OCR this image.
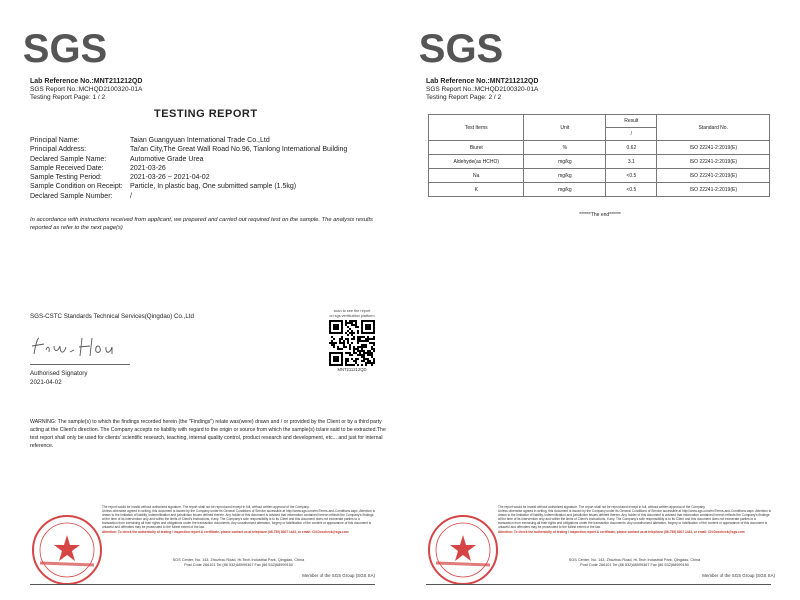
SGS
Lab Reference No.:MNT211212QD
SGS Report No.:MCHQD2100320-01A
Testing Report Page: 1 / 2
TESTING REPORT
Principal Name:	Taian Guangyuan International Trade Co.,Ltd
Principal Address:	Tai'an City,The Great Wall Road No.96, Tianlong International Building
Declared Sample Name:	Automotive Grade Urea
Sample Received Date:	2021-03-26
Sample Testing Period:	2021-03-26 ~ 2021-04-02
Sample Condition on Receipt:	Particle, In plastic bag, One submitted sample (1.5kg)
Declared Sample Number:	/
In accordance with instructions received from applicant, we prepared and carried out required test on the sample. The analysis results reported as refer to the next page(s)
SGS-CSTC Standards Technical Services(Qingdao) Co.,Ltd
Authorised Signatory
2021-04-02
scan to see the report
on sgs verification platform
MNT211212QD
WARNING: The sample(s) to which the findings recorded herein (the "Findings") relate was(were) drawn and / or provided by the Client or by a third party acting at the Client's direction. The Company accepts no liability with regard to the origin or source from which the sample(s) is/are said to be extracted.The test report shall only be used for clients' scientific research, teaching, internal quality control, product research and development, etc... and just for internal reference.
The report would be invalid without authorized signature. The report shall not be reproduced except in full, without written approval of the Company.
Unless otherwise agreed in writing, this document is issued by the Company under its General Conditions of Service accessible at http://www.sgs.com/en/Terms-and-Conditions.aspx. Attention is drawn to the limitation of liability, indemnification and jurisdiction issues defined therein. Any holder of this document is advised that information contained hereon reflects the Company's findings at the time of its intervention only and within the limits of Client's instructions, if any. The Company's sole responsibility is to its Client and this document does not exonerate parties to a transaction from exercising all their rights and obligations under the transaction documents. Any unauthorized alteration, forgery or falsification of the content or appearance of this document is unlawful and offenders may be prosecuted to the fullest extent of the law.
Attention: To check the authenticity of testing / inspection report & certificate, please contact us at telephone (86-755) 8307 1443, or email: CN.Doccheck@sgs.com
SGS Center, No. 143, Zhuzhou Road, Hi-Tech Industrial Park, Qingdao, China
Post Code 266101 Tel (86 532)68999367 Fax (86 532)68999150
Member of the SGS Group (SGS SA)
SGS
Lab Reference No.:MNT211212QD
SGS Report No.:MCHQD2100320-01A
Testing Report Page: 2 / 2
Test Items	Unit	Result	Standard No.
		/	
Biuret	%	0.62	ISO 22241-2:2019(E)
Aldehyde(as HCHO)	mg/kg	3.1	ISO 22241-2:2019(E)
Na	mg/kg	<0.5	ISO 22241-2:2019(E)
K	mg/kg	<0.5	ISO 22241-2:2019(E)
******The end******
The report would be invalid without authorized signature. The report shall not be reproduced except in full, without written approval of the Company.
Unless otherwise agreed in writing, this document is issued by the Company under its General Conditions of Service accessible at http://www.sgs.com/en/Terms-and-Conditions.aspx. Attention is drawn to the limitation of liability, indemnification and jurisdiction issues defined therein. Any holder of this document is advised that information contained hereon reflects the Company's findings at the time of its intervention only and within the limits of Client's instructions, if any. The Company's sole responsibility is to its Client and this document does not exonerate parties to a transaction from exercising all their rights and obligations under the transaction documents. Any unauthorized alteration, forgery or falsification of the content or appearance of this document is unlawful and offenders may be prosecuted to the fullest extent of the law.
Attention: To check the authenticity of testing / inspection report & certificate, please contact us at telephone (86-755) 8307 1443, or email: CN.Doccheck@sgs.com
SGS Center, No. 143, Zhuzhou Road, Hi-Tech Industrial Park, Qingdao, China
Post Code 266101 Tel (86 532)68999367 Fax (86 532)68999150
Member of the SGS Group (SGS SA)
